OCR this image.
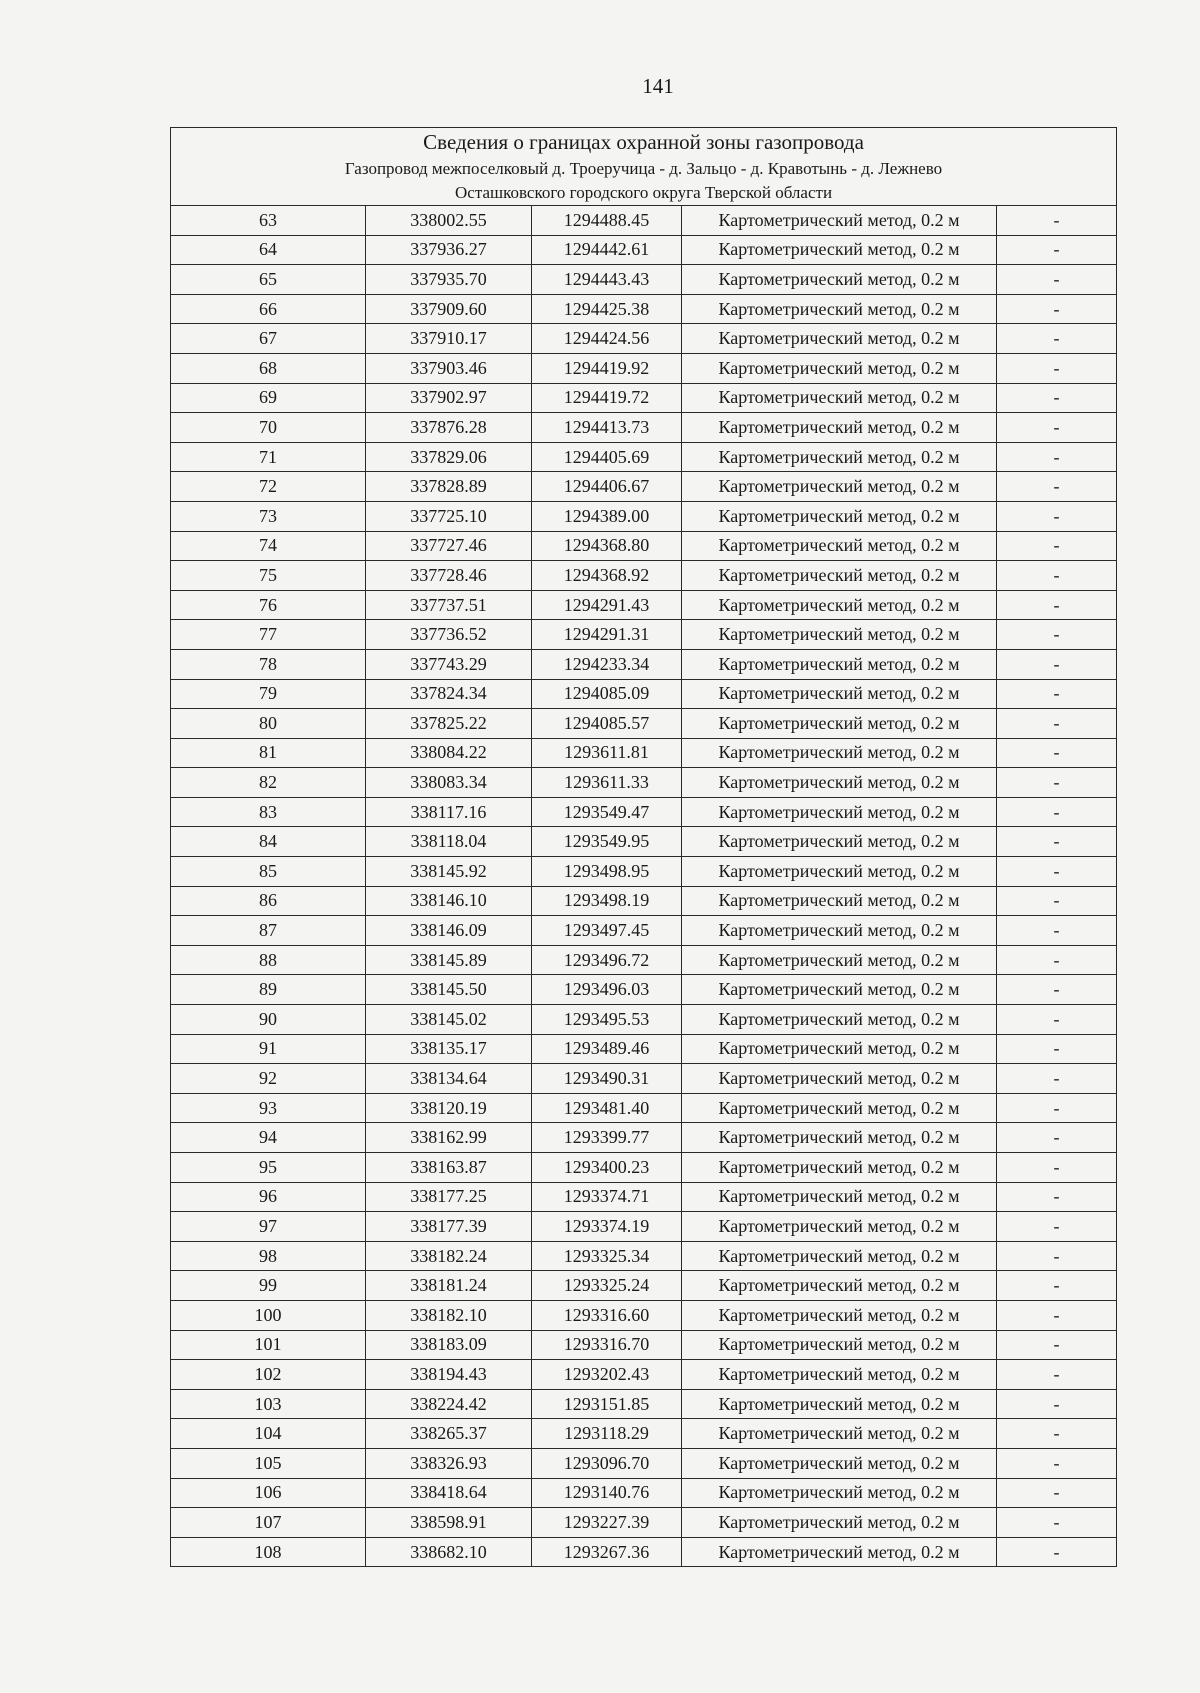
141
Сведения о границах охранной зоны газопровода				

Газопровод межпоселковый д. Троеручица - д. Зальцо - д. Кравотынь - д. Лежнево
Осташковского городского округа Тверской области				

63	338002.55	1294488.45	Картометрический метод, 0.2 м	-
64	337936.27	1294442.61	Картометрический метод, 0.2 м	-
65	337935.70	1294443.43	Картометрический метод, 0.2 м	-
66	337909.60	1294425.38	Картометрический метод, 0.2 м	-
67	337910.17	1294424.56	Картометрический метод, 0.2 м	-
68	337903.46	1294419.92	Картометрический метод, 0.2 м	-
69	337902.97	1294419.72	Картометрический метод, 0.2 м	-
70	337876.28	1294413.73	Картометрический метод, 0.2 м	-
71	337829.06	1294405.69	Картометрический метод, 0.2 м	-
72	337828.89	1294406.67	Картометрический метод, 0.2 м	-
73	337725.10	1294389.00	Картометрический метод, 0.2 м	-
74	337727.46	1294368.80	Картометрический метод, 0.2 м	-
75	337728.46	1294368.92	Картометрический метод, 0.2 м	-
76	337737.51	1294291.43	Картометрический метод, 0.2 м	-
77	337736.52	1294291.31	Картометрический метод, 0.2 м	-
78	337743.29	1294233.34	Картометрический метод, 0.2 м	-
79	337824.34	1294085.09	Картометрический метод, 0.2 м	-
80	337825.22	1294085.57	Картометрический метод, 0.2 м	-
81	338084.22	1293611.81	Картометрический метод, 0.2 м	-
82	338083.34	1293611.33	Картометрический метод, 0.2 м	-
83	338117.16	1293549.47	Картометрический метод, 0.2 м	-
84	338118.04	1293549.95	Картометрический метод, 0.2 м	-
85	338145.92	1293498.95	Картометрический метод, 0.2 м	-
86	338146.10	1293498.19	Картометрический метод, 0.2 м	-
87	338146.09	1293497.45	Картометрический метод, 0.2 м	-
88	338145.89	1293496.72	Картометрический метод, 0.2 м	-
89	338145.50	1293496.03	Картометрический метод, 0.2 м	-
90	338145.02	1293495.53	Картометрический метод, 0.2 м	-
91	338135.17	1293489.46	Картометрический метод, 0.2 м	-
92	338134.64	1293490.31	Картометрический метод, 0.2 м	-
93	338120.19	1293481.40	Картометрический метод, 0.2 м	-
94	338162.99	1293399.77	Картометрический метод, 0.2 м	-
95	338163.87	1293400.23	Картометрический метод, 0.2 м	-
96	338177.25	1293374.71	Картометрический метод, 0.2 м	-
97	338177.39	1293374.19	Картометрический метод, 0.2 м	-
98	338182.24	1293325.34	Картометрический метод, 0.2 м	-
99	338181.24	1293325.24	Картометрический метод, 0.2 м	-
100	338182.10	1293316.60	Картометрический метод, 0.2 м	-
101	338183.09	1293316.70	Картометрический метод, 0.2 м	-
102	338194.43	1293202.43	Картометрический метод, 0.2 м	-
103	338224.42	1293151.85	Картометрический метод, 0.2 м	-
104	338265.37	1293118.29	Картометрический метод, 0.2 м	-
105	338326.93	1293096.70	Картометрический метод, 0.2 м	-
106	338418.64	1293140.76	Картометрический метод, 0.2 м	-
107	338598.91	1293227.39	Картометрический метод, 0.2 м	-
108	338682.10	1293267.36	Картометрический метод, 0.2 м	-
